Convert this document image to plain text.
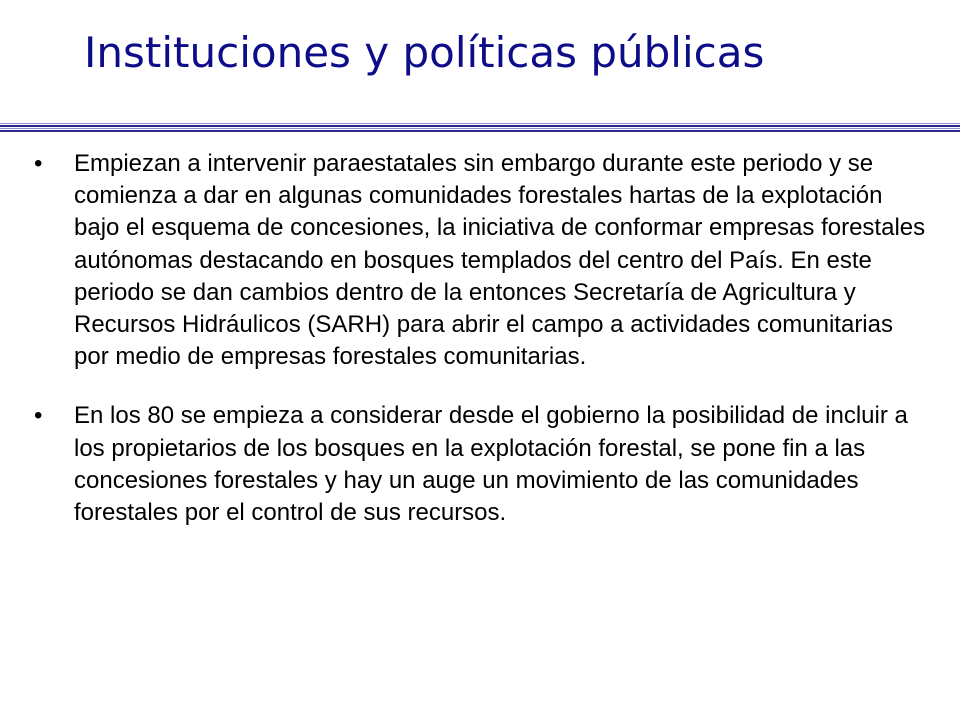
Instituciones y políticas públicas
• Empiezan a intervenir paraestatales sin embargo durante este periodo y se comienza a dar en algunas comunidades forestales hartas de la explotación bajo el esquema de concesiones, la iniciativa de conformar empresas forestales autónomas destacando en bosques templados del centro del País. En este periodo se dan cambios dentro de la entonces Secretaría de Agricultura y Recursos Hidráulicos (SARH) para abrir el campo a actividades comunitarias por medio de empresas forestales comunitarias.
• En los 80 se empieza a considerar desde el gobierno la posibilidad de incluir a los propietarios de los bosques en la explotación forestal, se pone fin a las concesiones forestales y hay un auge un movimiento de las comunidades forestales por el control de sus recursos.
